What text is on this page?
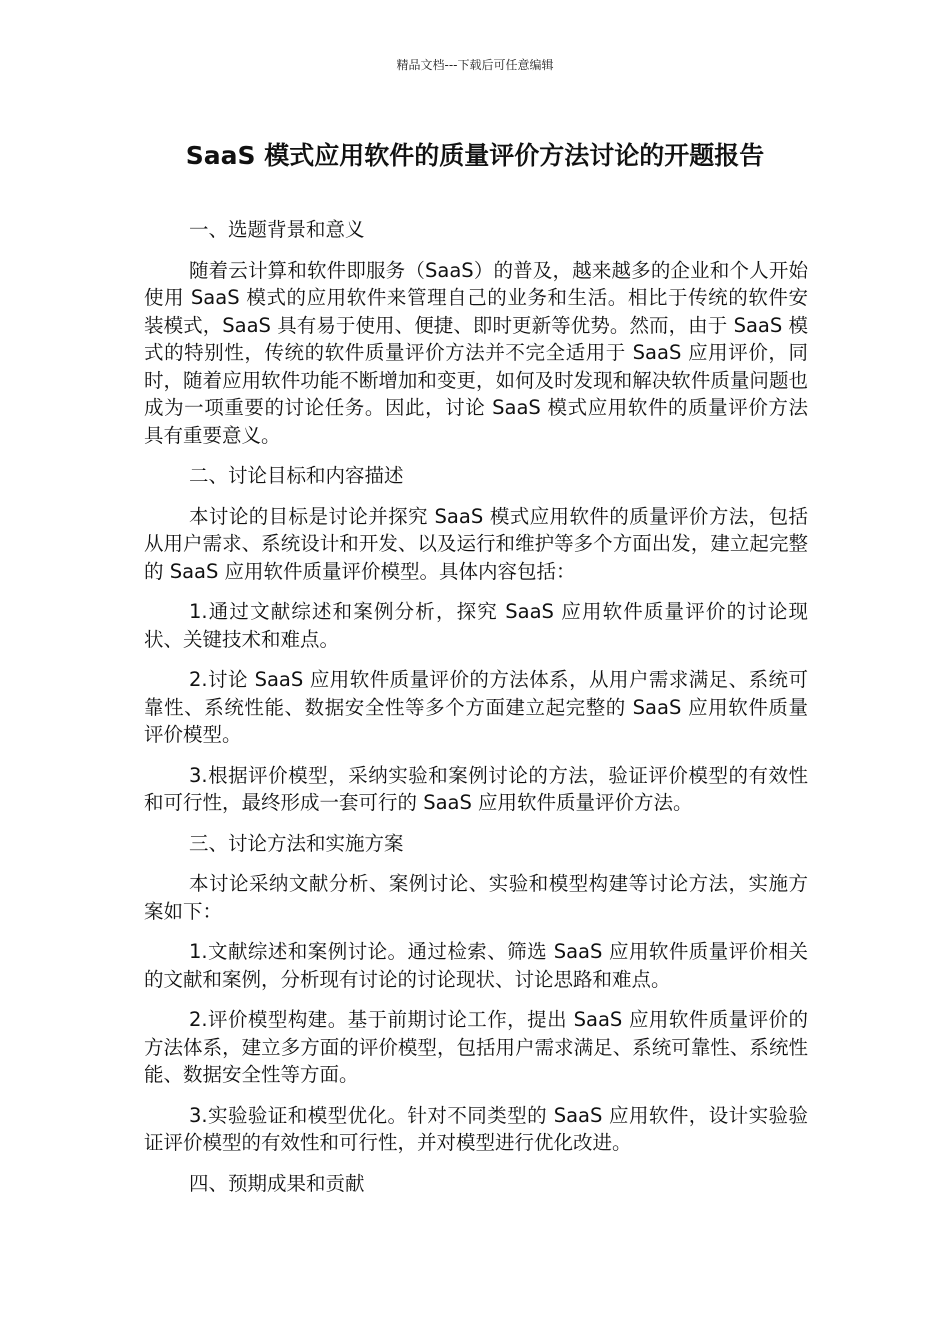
精品文档---下载后可任意编辑
SaaS 模式应用软件的质量评价方法讨论的开题报告

一、选题背景和意义

随着云计算和软件即服务（SaaS）的普及，越来越多的企业和个人开始使用 SaaS 模式的应用软件来管理自己的业务和生活。相比于传统的软件安装模式，SaaS 具有易于使用、便捷、即时更新等优势。然而，由于 SaaS 模式的特别性，传统的软件质量评价方法并不完全适用于 SaaS 应用评价，同时，随着应用软件功能不断增加和变更，如何及时发现和解决软件质量问题也成为一项重要的讨论任务。因此，讨论 SaaS 模式应用软件的质量评价方法具有重要意义。

二、讨论目标和内容描述

本讨论的目标是讨论并探究 SaaS 模式应用软件的质量评价方法，包括从用户需求、系统设计和开发、以及运行和维护等多个方面出发，建立起完整的 SaaS 应用软件质量评价模型。具体内容包括：

1.通过文献综述和案例分析，探究 SaaS 应用软件质量评价的讨论现状、关键技术和难点。

2.讨论 SaaS 应用软件质量评价的方法体系，从用户需求满足、系统可靠性、系统性能、数据安全性等多个方面建立起完整的 SaaS 应用软件质量评价模型。

3.根据评价模型，采纳实验和案例讨论的方法，验证评价模型的有效性和可行性，最终形成一套可行的 SaaS 应用软件质量评价方法。

三、讨论方法和实施方案

本讨论采纳文献分析、案例讨论、实验和模型构建等讨论方法，实施方案如下：

1.文献综述和案例讨论。通过检索、筛选 SaaS 应用软件质量评价相关的文献和案例，分析现有讨论的讨论现状、讨论思路和难点。

2.评价模型构建。基于前期讨论工作，提出 SaaS 应用软件质量评价的方法体系，建立多方面的评价模型，包括用户需求满足、系统可靠性、系统性能、数据安全性等方面。

3.实验验证和模型优化。针对不同类型的 SaaS 应用软件，设计实验验证评价模型的有效性和可行性，并对模型进行优化改进。

四、预期成果和贡献
